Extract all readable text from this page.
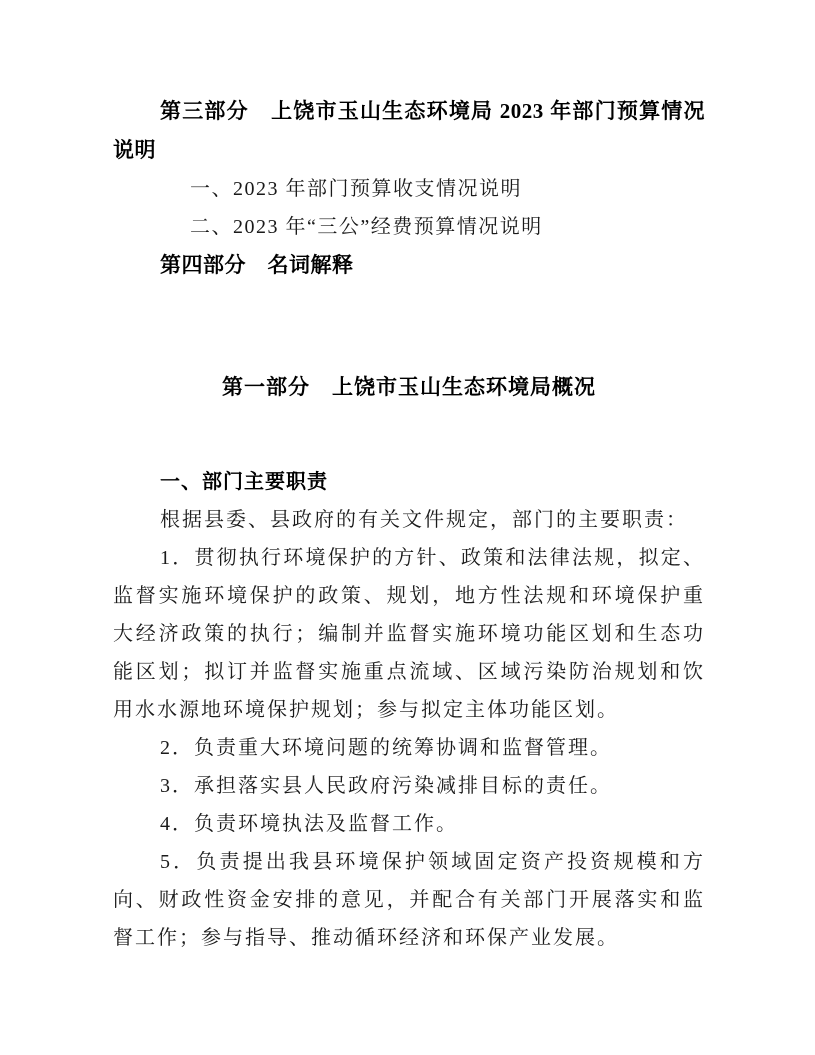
第三部分　上饶市玉山生态环境局 2023 年部门预算情况说明

一、2023 年部门预算收支情况说明

二、2023 年“三公”经费预算情况说明

第四部分　名词解释

第一部分　上饶市玉山生态环境局概况
一、部门主要职责

根据县委、县政府的有关文件规定，部门的主要职责：

1．贯彻执行环境保护的方针、政策和法律法规，拟定、监督实施环境保护的政策、规划，地方性法规和环境保护重大经济政策的执行；编制并监督实施环境功能区划和生态功能区划；拟订并监督实施重点流域、区域污染防治规划和饮用水水源地环境保护规划；参与拟定主体功能区划。

2．负责重大环境问题的统筹协调和监督管理。

3．承担落实县人民政府污染减排目标的责任。

4．负责环境执法及监督工作。

5．负责提出我县环境保护领域固定资产投资规模和方向、财政性资金安排的意见，并配合有关部门开展落实和监督工作；参与指导、推动循环经济和环保产业发展。
